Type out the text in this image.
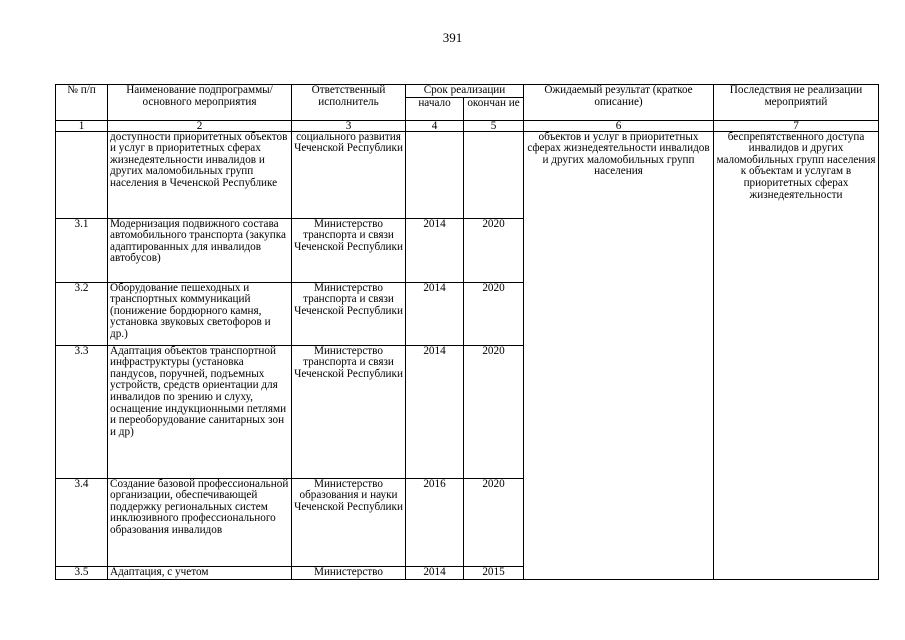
391
№ п/п	Наименование подпрограммы/ основного мероприятия	Ответственный исполнитель	Срок реализации		Ожидаемый результат (краткое описание)	Последствия не реализации мероприятий
			начало	окончан ие		
1	2	3	4	5	6	7
	доступности приоритетных объектов и услуг в приоритетных сферах жизнедеятельности инвалидов и других маломобильных групп населения в Чеченской Республике	социального развития Чеченской Республики			объектов и услуг в приоритетных сферах жизнедеятельности инвалидов и других маломобильных групп населения	беспрепятственного доступа инвалидов и других маломобильных групп населения к объектам и услугам в приоритетных сферах жизнедеятельности
3.1	Модернизация подвижного состава автомобильного транспорта (закупка адаптированных для инвалидов автобусов)	Министерство транспорта и связи Чеченской Республики	2014	2020		
3.2	Оборудование пешеходных и транспортных коммуникаций (понижение бордюрного камня, установка звуковых светофоров и др.)	Министерство транспорта и связи Чеченской Республики	2014	2020		
3.3	Адаптация объектов транспортной инфраструктуры (установка пандусов, поручней, подъемных устройств, средств ориентации для инвалидов по зрению и слуху, оснащение индукционными петлями и переоборудование санитарных зон и др)	Министерство транспорта и связи Чеченской Республики	2014	2020		
3.4	Создание базовой профессиональной организации, обеспечивающей поддержку региональных систем инклюзивного профессионального образования инвалидов	Министерство образования и науки Чеченской Республики	2016	2020		
3.5	Адаптация, с учетом	Министерство	2014	2015		
